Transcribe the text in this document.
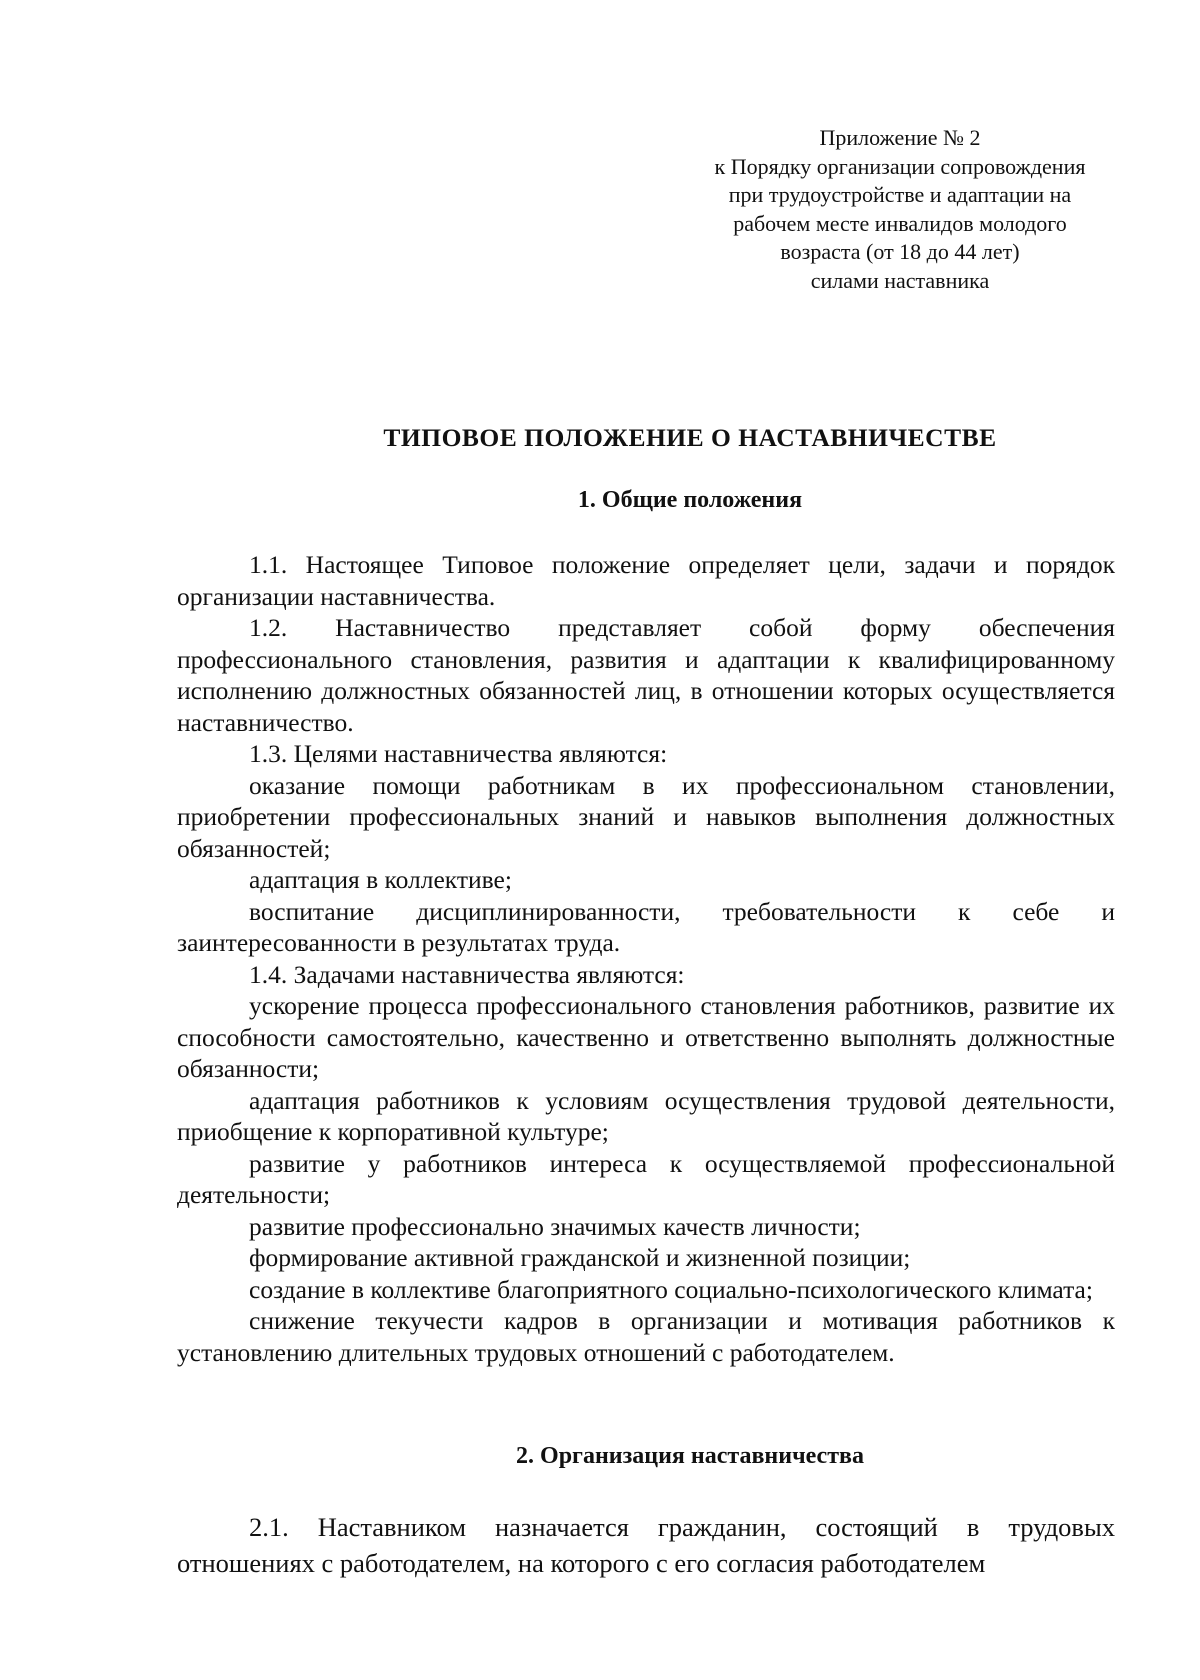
Приложение № 2
к Порядку организации сопровождения
при трудоустройстве и адаптации на
рабочем месте инвалидов молодого
возраста (от 18 до 44 лет)
силами наставника
ТИПОВОЕ ПОЛОЖЕНИЕ О НАСТАВНИЧЕСТВЕ
1. Общие положения

1.1. Настоящее Типовое положение определяет цели, задачи и порядок организации наставничества.

1.2. Наставничество представляет собой форму обеспечения профессионального становления, развития и адаптации к квалифицированному исполнению должностных обязанностей лиц, в отношении которых осуществляется наставничество.

1.3. Целями наставничества являются:

оказание помощи работникам в их профессиональном становлении, приобретении профессиональных знаний и навыков выполнения должностных обязанностей;

адаптация в коллективе;

воспитание дисциплинированности, требовательности к себе и заинтересованности в результатах труда.

1.4. Задачами наставничества являются:

ускорение процесса профессионального становления работников, развитие их способности самостоятельно, качественно и ответственно выполнять должностные обязанности;

адаптация работников к условиям осуществления трудовой деятельности, приобщение к корпоративной культуре;

развитие у работников интереса к осуществляемой профессиональной деятельности;

развитие профессионально значимых качеств личности;

формирование активной гражданской и жизненной позиции;

создание в коллективе благоприятного социально-психологического климата;

снижение текучести кадров в организации и мотивация работников к установлению длительных трудовых отношений с работодателем.

2. Организация наставничества

2.1. Наставником назначается гражданин, состоящий в трудовых отношениях с работодателем, на которого с его согласия работодателем
